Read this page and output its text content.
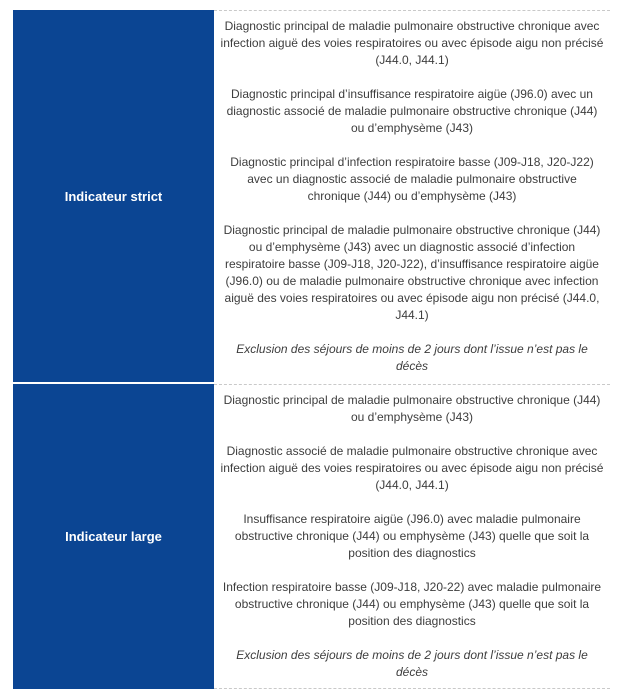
Indicateur strict

Diagnostic principal de maladie pulmonaire obstructive chronique avec infection aiguë des voies respiratoires ou avec épisode aigu non précisé (J44.0, J44.1)

Diagnostic principal d’insuffisance respiratoire aigüe (J96.0) avec un diagnostic associé de maladie pulmonaire obstructive chronique (J44) ou d’emphysème (J43)

Diagnostic principal d’infection respiratoire basse (J09-J18, J20-J22) avec un diagnostic associé de maladie pulmonaire obstructive chronique (J44) ou d’emphysème (J43)

Diagnostic principal de maladie pulmonaire obstructive chronique (J44) ou d’emphysème (J43) avec un diagnostic associé d’infection respiratoire basse (J09-J18, J20-J22), d’insuffisance respiratoire aigüe (J96.0) ou de maladie pulmonaire obstructive chronique avec infection aiguë des voies respiratoires ou avec épisode aigu non précisé (J44.0, J44.1)

Exclusion des séjours de moins de 2 jours dont l’issue n’est pas le décès

Indicateur large

Diagnostic principal de maladie pulmonaire obstructive chronique (J44) ou d’emphysème (J43)

Diagnostic associé de maladie pulmonaire obstructive chronique avec infection aiguë des voies respiratoires ou avec épisode aigu non précisé (J44.0, J44.1)

Insuffisance respiratoire aigüe (J96.0) avec maladie pulmonaire obstructive chronique (J44) ou emphysème (J43) quelle que soit la position des diagnostics

Infection respiratoire basse (J09-J18, J20-22) avec maladie pulmonaire obstructive chronique (J44) ou emphysème (J43) quelle que soit la position des diagnostics

Exclusion des séjours de moins de 2 jours dont l’issue n’est pas le décès
